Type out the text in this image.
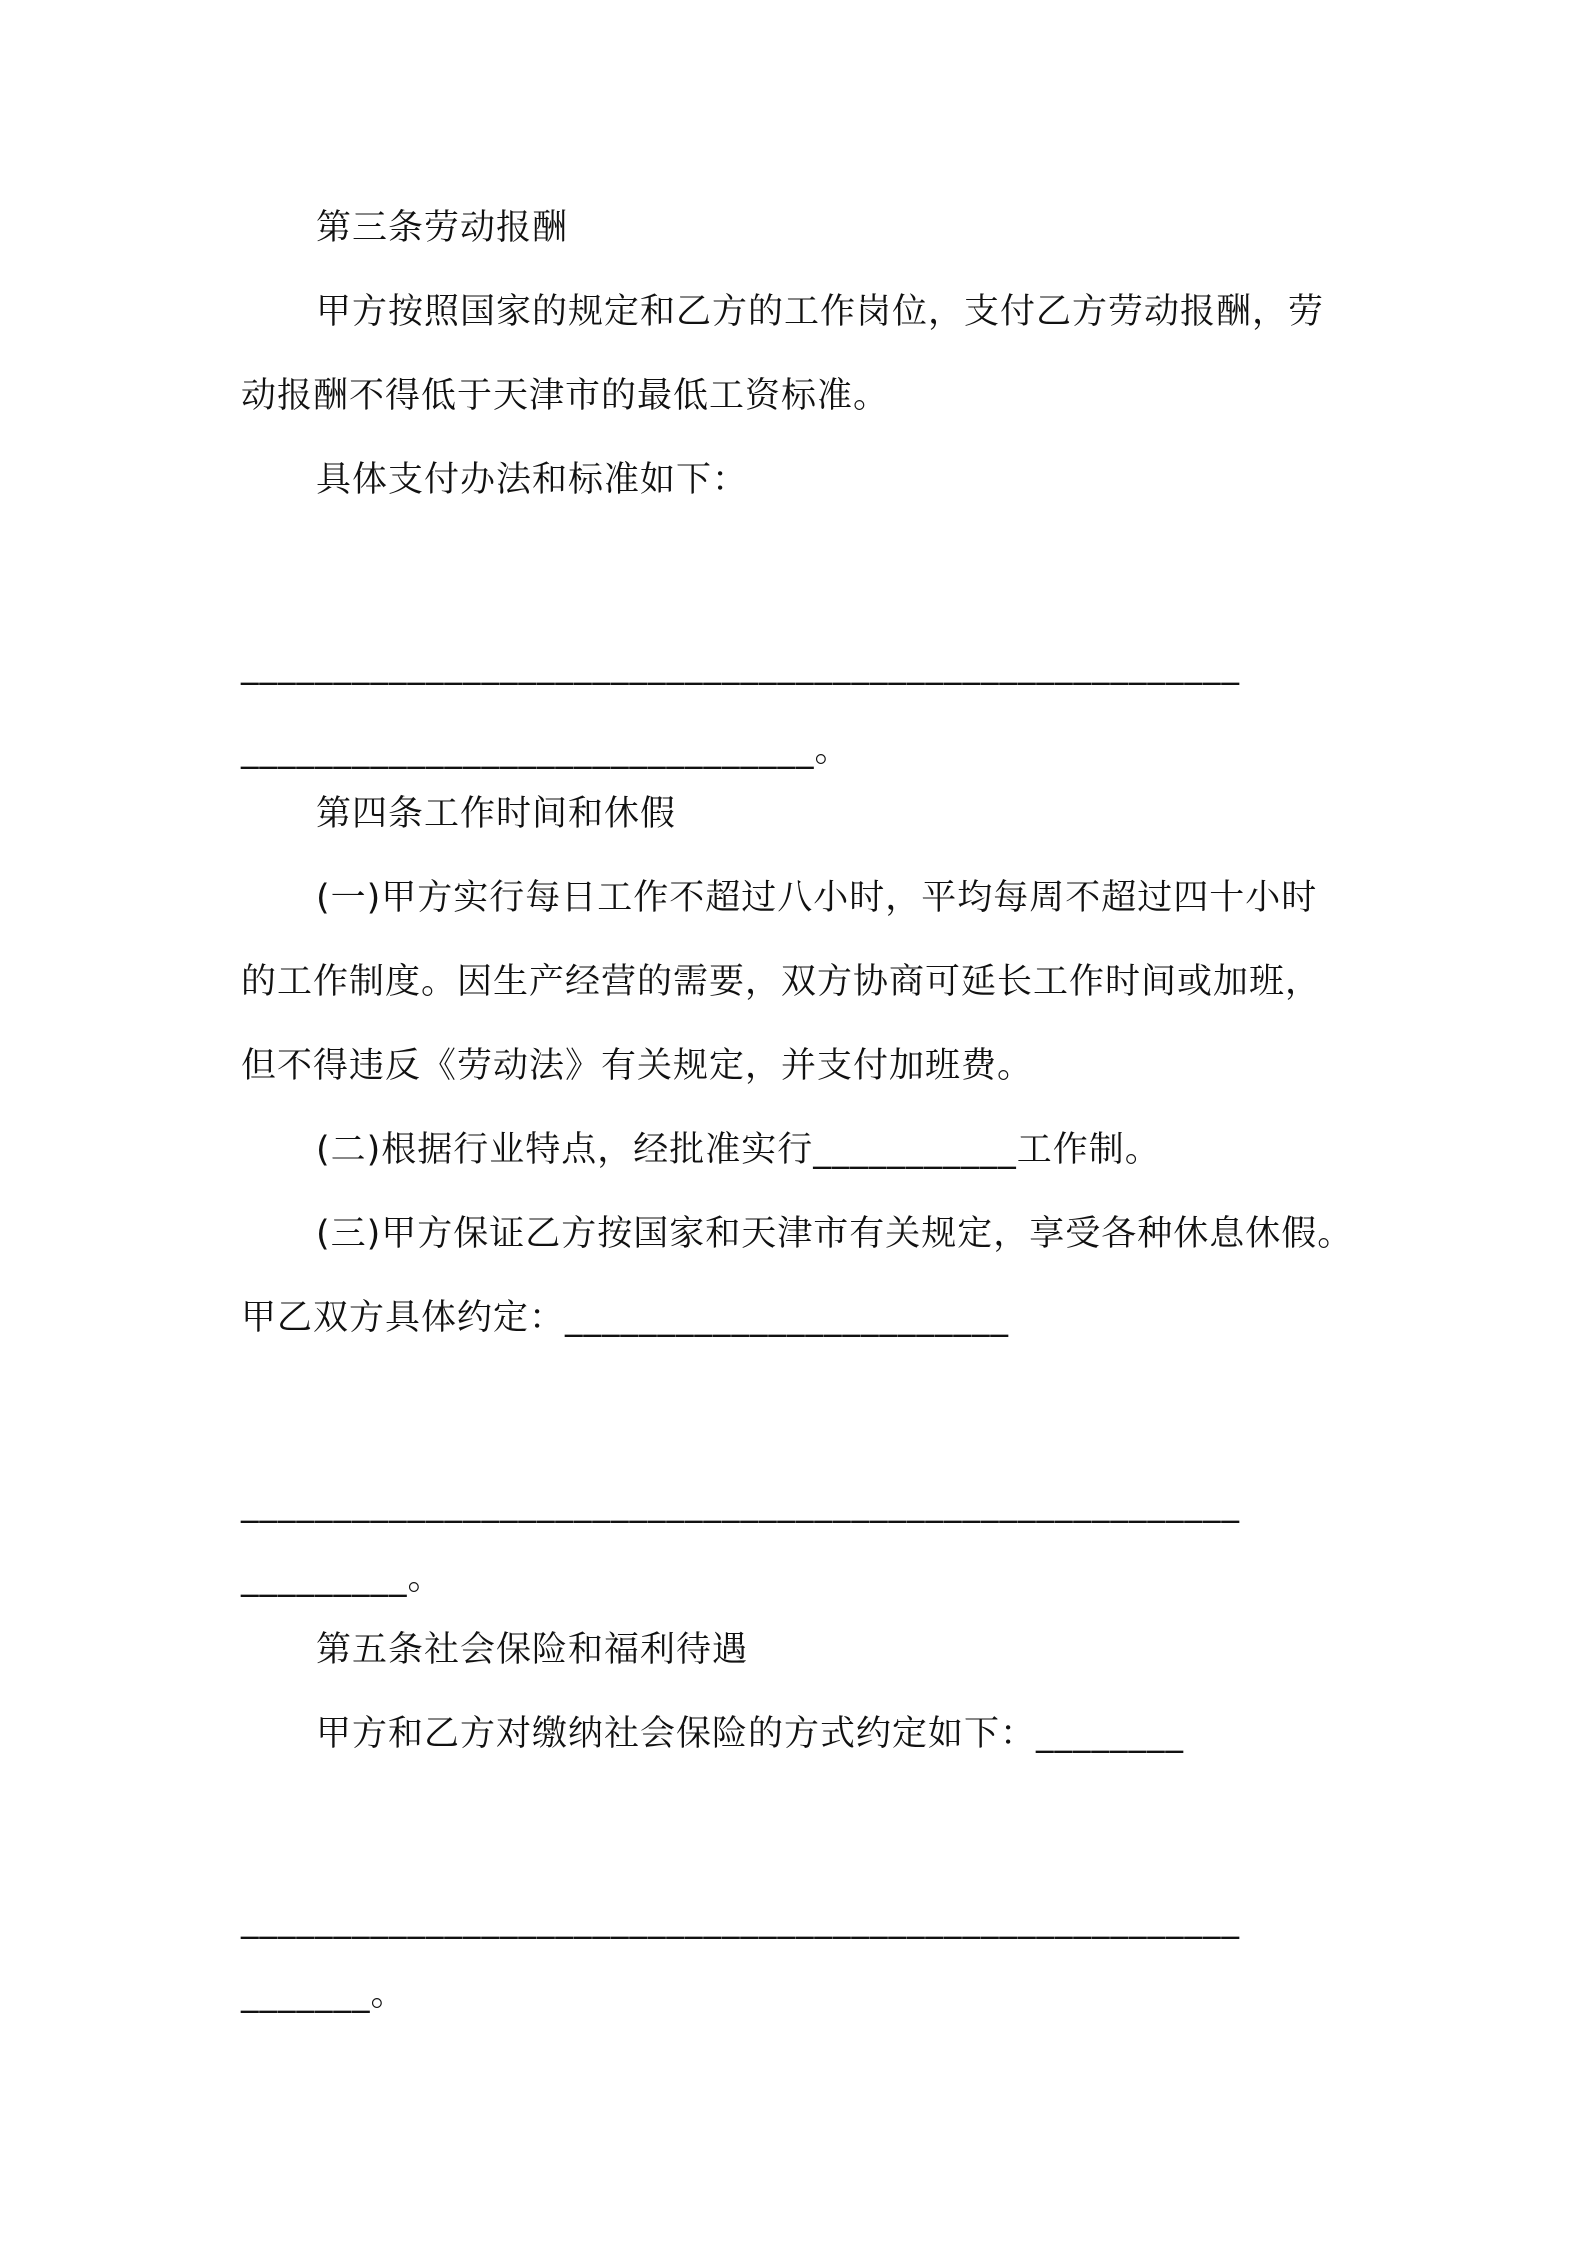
第三条劳动报酬
甲方按照国家的规定和乙方的工作岗位，支付乙方劳动报酬，劳
动报酬不得低于天津市的最低工资标准。
具体支付办法和标准如下：
______________________________________________________
_______________________________。
第四条工作时间和休假
(一)甲方实行每日工作不超过八小时，平均每周不超过四十小时
的工作制度。因生产经营的需要，双方协商可延长工作时间或加班，
但不得违反《劳动法》有关规定，并支付加班费。
(二)根据行业特点，经批准实行___________工作制。
(三)甲方保证乙方按国家和天津市有关规定，享受各种休息休假。
甲乙双方具体约定：________________________
______________________________________________________
_________。
第五条社会保险和福利待遇
甲方和乙方对缴纳社会保险的方式约定如下：________
______________________________________________________
_______。
